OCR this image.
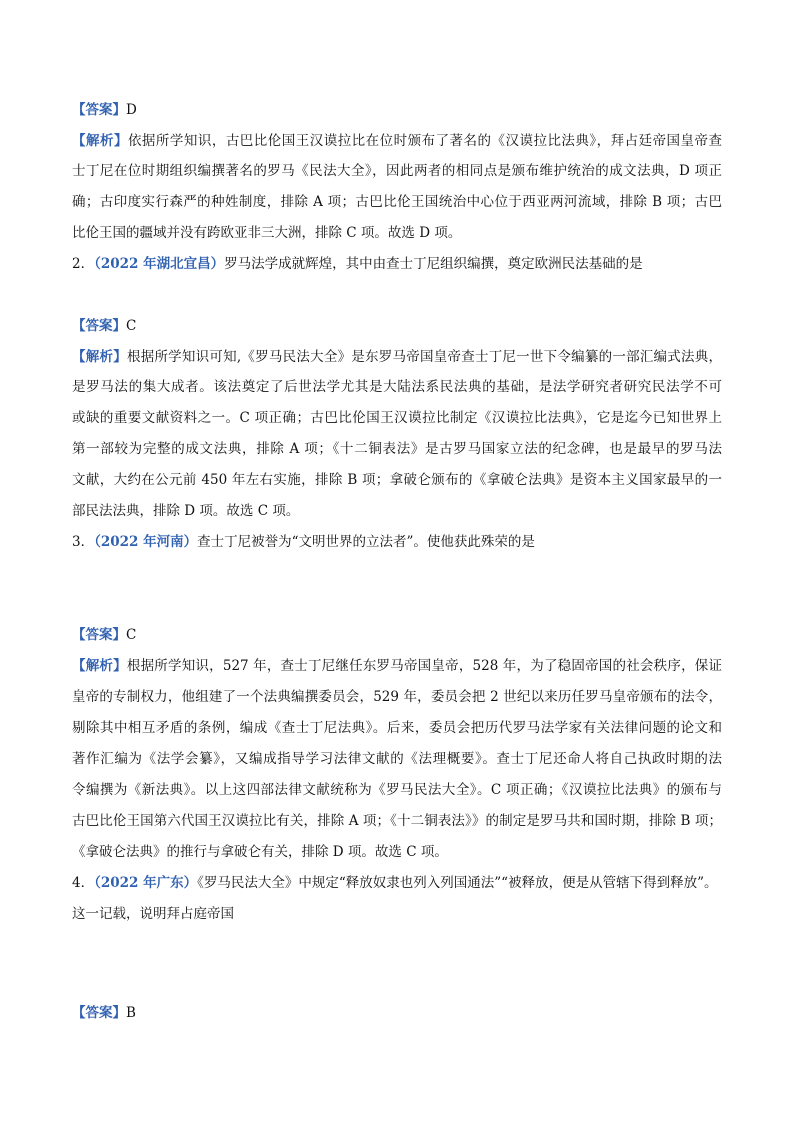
【答案】D
【解析】依据所学知识，古巴比伦国王汉谟拉比在位时颁布了著名的《汉谟拉比法典》，拜占廷帝国皇帝查
士丁尼在位时期组织编撰著名的罗马《民法大全》，因此两者的相同点是颁布维护统治的成文法典，D 项正
确；古印度实行森严的种姓制度，排除 A 项；古巴比伦王国统治中心位于西亚两河流域，排除 B 项；古巴
比伦王国的疆域并没有跨欧亚非三大洲，排除 C 项。故选 D 项。
2．（2022 年湖北宜昌）罗马法学成就辉煌，其中由查士丁尼组织编撰，奠定欧洲民法基础的是
【答案】C
【解析】根据所学知识可知,《罗马民法大全》是东罗马帝国皇帝查士丁尼一世下令编纂的一部汇编式法典，
是罗马法的集大成者。该法奠定了后世法学尤其是大陆法系民法典的基础，是法学研究者研究民法学不可
或缺的重要文献资料之一。C 项正确；古巴比伦国王汉谟拉比制定《汉谟拉比法典》，它是迄今已知世界上
第一部较为完整的成文法典，排除 A 项；《十二铜表法》是古罗马国家立法的纪念碑，也是最早的罗马法
文献，大约在公元前 450 年左右实施，排除 B 项；拿破仑颁布的《拿破仑法典》是资本主义国家最早的一
部民法法典，排除 D 项。故选 C 项。
3．（2022 年河南）查士丁尼被誉为“文明世界的立法者”。使他获此殊荣的是
【答案】C
【解析】根据所学知识，527 年，查士丁尼继任东罗马帝国皇帝，528 年，为了稳固帝国的社会秩序，保证
皇帝的专制权力，他组建了一个法典编撰委员会，529 年，委员会把 2 世纪以来历任罗马皇帝颁布的法令，
剔除其中相互矛盾的条例，编成《查士丁尼法典》。后来，委员会把历代罗马法学家有关法律问题的论文和
著作汇编为《法学会纂》，又编成指导学习法律文献的《法理概要》。查士丁尼还命人将自己执政时期的法
令编撰为《新法典》。以上这四部法律文献统称为《罗马民法大全》。C 项正确；《汉谟拉比法典》的颁布与
古巴比伦王国第六代国王汉谟拉比有关，排除 A 项；《十二铜表法》》的制定是罗马共和国时期，排除 B 项；
《拿破仑法典》的推行与拿破仑有关，排除 D 项。故选 C 项。
4．（2022 年广东）《罗马民法大全》中规定“释放奴隶也列入列国通法”“被释放，便是从管辖下得到释放”。
这一记载，说明拜占庭帝国
【答案】B
